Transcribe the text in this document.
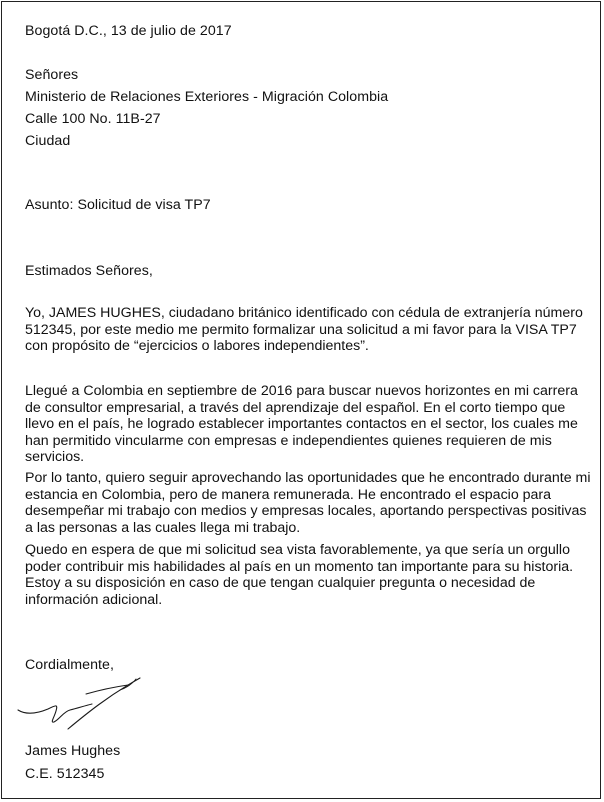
Bogotá D.C., 13 de julio de 2017

Señores

Ministerio de Relaciones Exteriores - Migración Colombia

Calle 100 No. 11B-27

Ciudad

Asunto: Solicitud de visa TP7

Estimados Señores,

Yo, JAMES HUGHES, ciudadano británico identificado con cédula de extranjería número 512345, por este medio me permito formalizar una solicitud a mi favor para la VISA TP7 con propósito de “ejercicios o labores independientes”.

Llegué a Colombia en septiembre de 2016 para buscar nuevos horizontes en mi carrera de consultor empresarial, a través del aprendizaje del español. En el corto tiempo que llevo en el país, he logrado establecer importantes contactos en el sector, los cuales me han permitido vincularme con empresas e independientes quienes requieren de mis servicios.

Por lo tanto, quiero seguir aprovechando las oportunidades que he encontrado durante mi estancia en Colombia, pero de manera remunerada. He encontrado el espacio para desempeñar mi trabajo con medios y empresas locales, aportando perspectivas positivas a las personas a las cuales llega mi trabajo.

Quedo en espera de que mi solicitud sea vista favorablemente, ya que sería un orgullo poder contribuir mis habilidades al país en un momento tan importante para su historia. Estoy a su disposición en caso de que tengan cualquier pregunta o necesidad de información adicional.

Cordialmente,

James Hughes

C.E. 512345
